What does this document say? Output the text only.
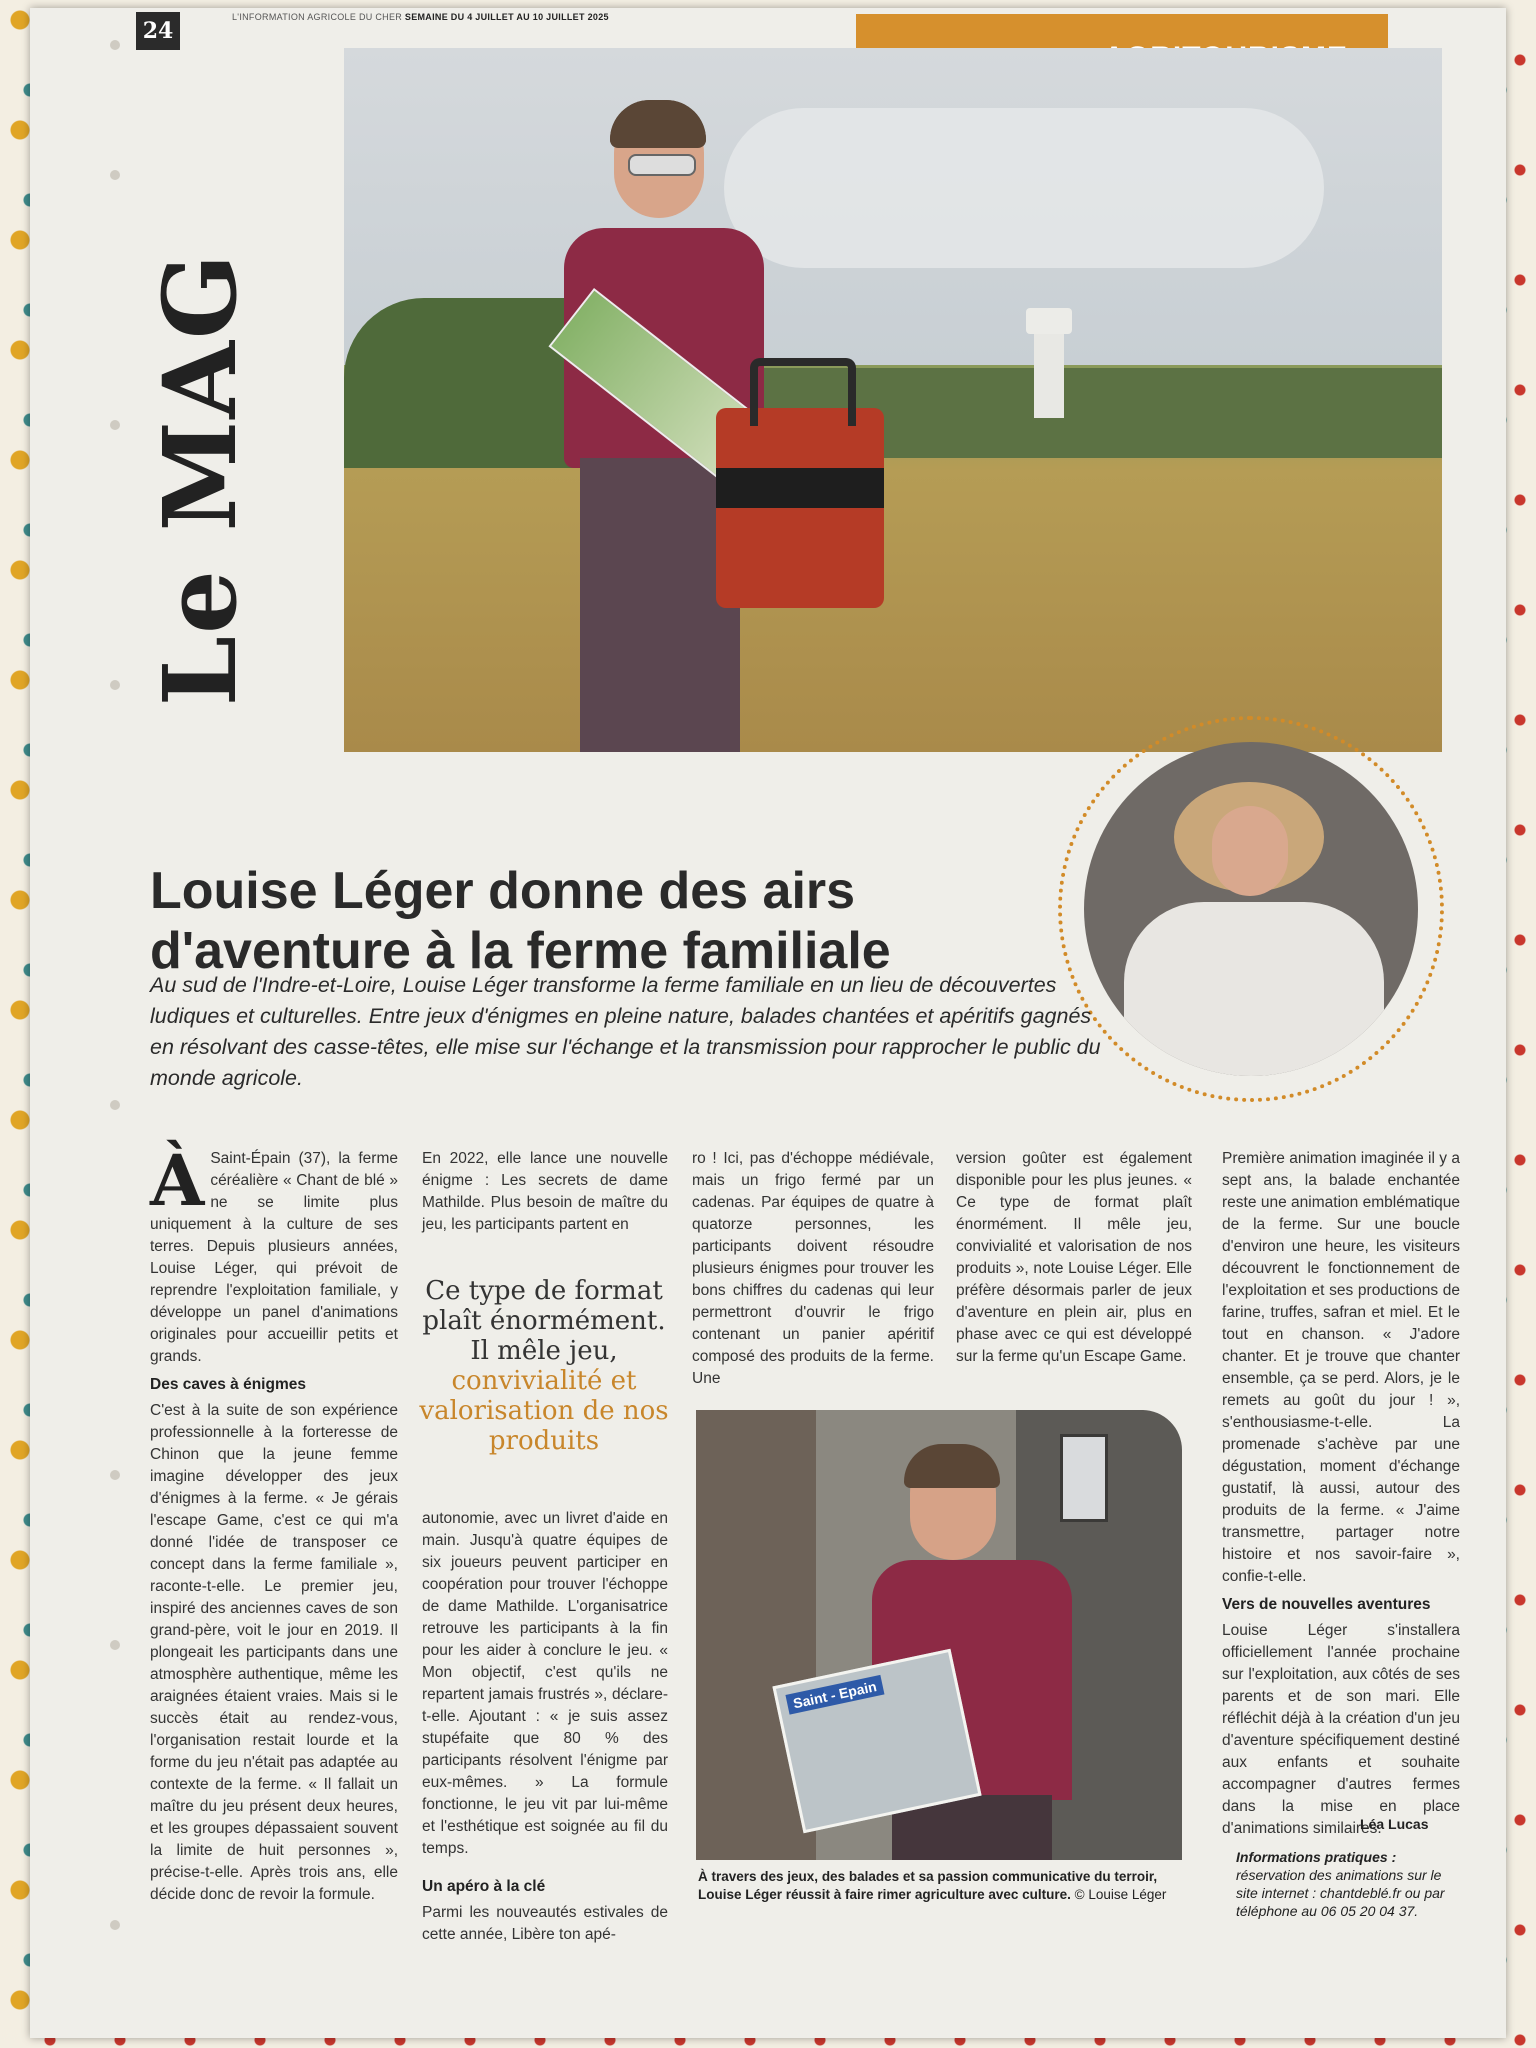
24
L'INFORMATION AGRICOLE DU CHER SEMAINE DU 4 JUILLET AU 10 JUILLET 2025
Le MAG
Louise Léger donne des airs d'aventure à la ferme familiale

Au sud de l'Indre-et-Loire, Louise Léger transforme la ferme familiale en un lieu de découvertes ludiques et culturelles. Entre jeux d'énigmes en pleine nature, balades chantées et apéritifs gagnés en résolvant des casse-têtes, elle mise sur l'échange et la transmission pour rapprocher le public du monde agricole.

À Saint-Épain (37), la ferme céréalière « Chant de blé » ne se limite plus uniquement à la culture de ses terres. Depuis plusieurs années, Louise Léger, qui prévoit de reprendre l'exploitation familiale, y développe un panel d'animations originales pour accueillir petits et grands.

Des caves à énigmes

C'est à la suite de son expérience professionnelle à la forteresse de Chinon que la jeune femme imagine développer des jeux d'énigmes à la ferme. « Je gérais l'escape Game, c'est ce qui m'a donné l'idée de transposer ce concept dans la ferme familiale », raconte-t-elle. Le premier jeu, inspiré des anciennes caves de son grand-père, voit le jour en 2019. Il plongeait les participants dans une atmosphère authentique, même les araignées étaient vraies. Mais si le succès était au rendez-vous, l'organisation restait lourde et la forme du jeu n'était pas adaptée au contexte de la ferme. « Il fallait un maître du jeu présent deux heures, et les groupes dépassaient souvent la limite de huit personnes », précise-t-elle. Après trois ans, elle décide donc de revoir la formule.

En 2022, elle lance une nouvelle énigme : Les secrets de dame Mathilde. Plus besoin de maître du jeu, les participants partent en

Ce type de format plaît énormément. Il mêle jeu,
convivialité et valorisation de nos produits

autonomie, avec un livret d'aide en main. Jusqu'à quatre équipes de six joueurs peuvent participer en coopération pour trouver l'échoppe de dame Mathilde. L'organisatrice retrouve les participants à la fin pour les aider à conclure le jeu. « Mon objectif, c'est qu'ils ne repartent jamais frustrés », déclare-t-elle. Ajoutant : « je suis assez stupéfaite que 80 % des participants résolvent l'énigme par eux-mêmes. » La formule fonctionne, le jeu vit par lui-même et l'esthétique est soignée au fil du temps.

Un apéro à la clé

Parmi les nouveautés estivales de cette année, Libère ton apé-

ro ! Ici, pas d'échoppe médiévale, mais un frigo fermé par un cadenas. Par équipes de quatre à quatorze personnes, les participants doivent résoudre plusieurs énigmes pour trouver les bons chiffres du cadenas qui leur permettront d'ouvrir le frigo contenant un panier apéritif composé des produits de la ferme. Une

version goûter est également disponible pour les plus jeunes. « Ce type de format plaît énormément. Il mêle jeu, convivialité et valorisation de nos produits », note Louise Léger. Elle préfère désormais parler de jeux d'aventure en plein air, plus en phase avec ce qui est développé sur la ferme qu'un Escape Game.

Première animation imaginée il y a sept ans, la balade enchantée reste une animation emblématique de la ferme. Sur une boucle d'environ une heure, les visiteurs découvrent le fonctionnement de l'exploitation et ses productions de farine, truffes, safran et miel. Et le tout en chanson. « J'adore chanter. Et je trouve que chanter ensemble, ça se perd. Alors, je le remets au goût du jour ! », s'enthousiasme-t-elle. La promenade s'achève par une dégustation, moment d'échange gustatif, là aussi, autour des produits de la ferme. « J'aime transmettre, partager notre histoire et nos savoir-faire », confie-t-elle.

Vers de nouvelles aventures

Louise Léger s'installera officiellement l'année prochaine sur l'exploitation, aux côtés de ses parents et de son mari. Elle réfléchit déjà à la création d'un jeu d'aventure spécifiquement destiné aux enfants et souhaite accompagner d'autres fermes dans la mise en place d'animations similaires.

Saint - Epain
À travers des jeux, des balades et sa passion communicative du terroir, Louise Léger réussit à faire rimer agriculture avec culture. © Louise Léger
Léa Lucas
Informations pratiques : réservation des animations sur le site internet : chantdeblé.fr ou par téléphone au 06 05 20 04 37.
